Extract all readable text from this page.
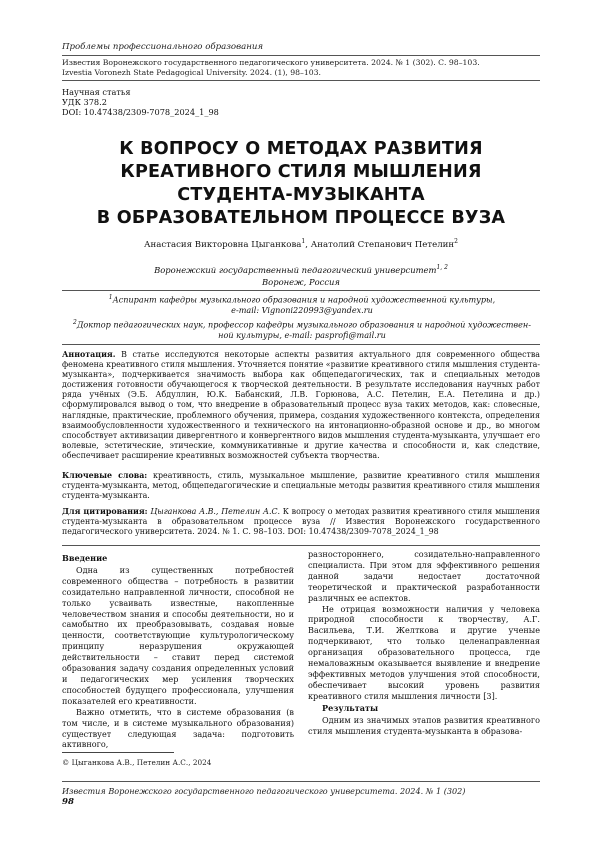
Проблемы профессионального образования
Известия Воронежского государственного педагогического университета. 2024. № 1 (302). С. 98–103.
Izvestia Voronezh State Pedagogical University. 2024. (1), 98–103.
Научная статья
УДК 378.2
DOI: 10.47438/2309-7078_2024_1_98
К ВОПРОСУ О МЕТОДАХ РАЗВИТИЯ
КРЕАТИВНОГО СТИЛЯ МЫШЛЕНИЯ
СТУДЕНТА-МУЗЫКАНТА
В ОБРАЗОВАТЕЛЬНОМ ПРОЦЕССЕ ВУЗА
Анастасия Викторовна Цыганкова$^1$, Анатолий Степанович Петелин$^2$
Воронежский государственный педагогический университет$^{1, 2}$
Воронеж, Россия
$^1$Аспирант кафедры музыкального образования и народной художественной культуры,
e-mail: Vignoni220993@yandex.ru
$^2$Доктор педагогических наук, профессор кафедры музыкального образования и народной художествен-
ной культуры, e-mail: pasprofi@mail.ru
Аннотация. В статье исследуются некоторые аспекты развития актуального для современного общества феномена креативного стиля мышления. Уточняется понятие «развитие креативного стиля мышления студента-музыканта», подчеркивается значимость выбора как общепедагогических, так и специальных методов достижения готовности обучающегося к творческой деятельности. В результате исследования научных работ ряда учёных (Э.Б. Абдуллин, Ю.К. Бабанский, Л.В. Горюнова, А.С. Петелин, Е.А. Петелина и др.) сформулировался вывод о том, что внедрение в образовательный процесс вуза таких методов, как: словесные, наглядные, практические, проблемного обучения, примера, создания художественного контекста, определения взаимообусловленности художественного и технического на интонационно-образной основе и др., во многом способствует активизации дивергентного и конвергентного видов мышления студента-музыканта, улучшает его волевые, эстетические, этические, коммуникативные и другие качества и способности и, как следствие, обеспечивает расширение креативных возможностей субъекта творчества.
Ключевые слова: креативность, стиль, музыкальное мышление, развитие креативного стиля мышления студента-музыканта, метод, общепедагогические и специальные методы развития креативного стиля мышления студента-музыканта.
Для цитирования: Цыганкова А.В., Петелин А.С. К вопросу о методах развития креативного стиля мышления студента-музыканта в образовательном процессе вуза // Известия Воронежского государственного педагогического университета. 2024. № 1. С. 98–103. DOI: 10.47438/2309-7078_2024_1_98

Введение

Одна из существенных потребностей современного общества – потребность в развитии созидательно направленной личности, способной не только усваивать известные, накопленные человечеством знания и способы деятельности, но и самобытно их преобразовывать, создавая новые ценности, соответствующие культурологическому принципу неразрушения окружающей действительности – ставит перед системой образования задачу создания определенных условий и педагогических мер усиления творческих способностей будущего профессионала, улучшения показателей его креативности.

Важно отметить, что в системе образования (в том числе, и в системе музыкального образования) существует следующая задача: подготовить активного,

разностороннего, созидательно-направленного специалиста. При этом для эффективного решения данной задачи недостает достаточной теоретической и практической разработанности различных ее аспектов.

Не отрицая возможности наличия у человека природной способности к творчеству, А.Г. Васильева, Т.И. Желткова и другие ученые подчеркивают, что только целенаправленная организация образовательного процесса, где немаловажным оказывается выявление и внедрение эффективных методов улучшения этой способности, обеспечивает высокий уровень развития креативного стиля мышления личности [3].

Результаты

Одним из значимых этапов развития креативного стиля мышления студента-музыканта в образова-

© Цыганкова А.В., Петелин А.С., 2024
Известия Воронежского государственного педагогического университета. 2024. № 1 (302)
98
